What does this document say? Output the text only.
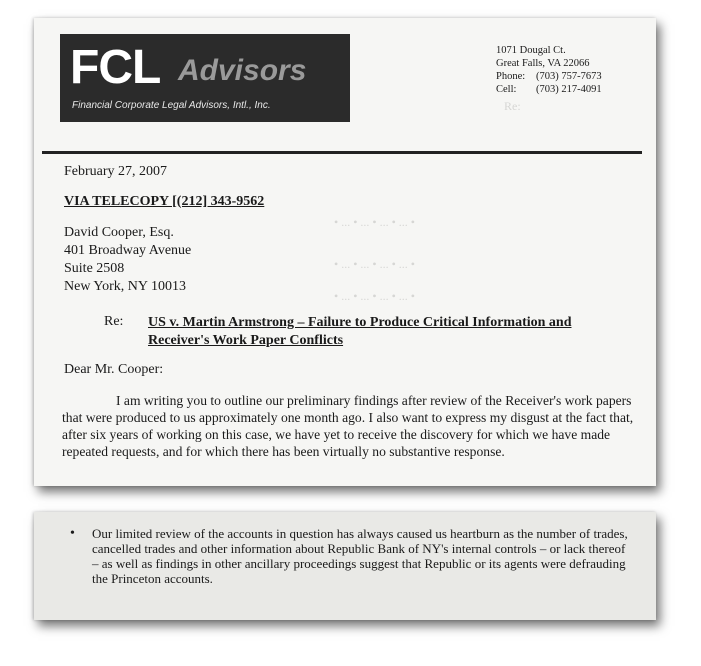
Re:
• ... • ... • ... • ... •
• ... • ... • ... • ... •
• ... • ... • ... • ... •
FCL Advisors
Financial Corporate Legal Advisors, Intl., Inc.
1071 Dougal Ct.
Great Falls, VA 22066
Phone:	(703) 757-7673
Cell:	(703) 217-4091
February 27, 2007
VIA TELECOPY [(212] 343-9562
David Cooper, Esq.
401 Broadway Avenue
Suite 2508
New York, NY 10013
Re: US v. Martin Armstrong – Failure to Produce Critical Information and
Receiver's Work Paper Conflicts
Dear Mr. Cooper:
I am writing you to outline our preliminary findings after review of the Receiver's work papers that were produced to us approximately one month ago. I also want to express my disgust at the fact that, after six years of working on this case, we have yet to receive the discovery for which we have made repeated requests, and for which there has been virtually no substantive response.
• Our limited review of the accounts in question has always caused us heartburn as the number of trades, cancelled trades and other information about Republic Bank of NY's internal controls – or lack thereof – as well as findings in other ancillary proceedings suggest that Republic or its agents were defrauding the Princeton accounts.
